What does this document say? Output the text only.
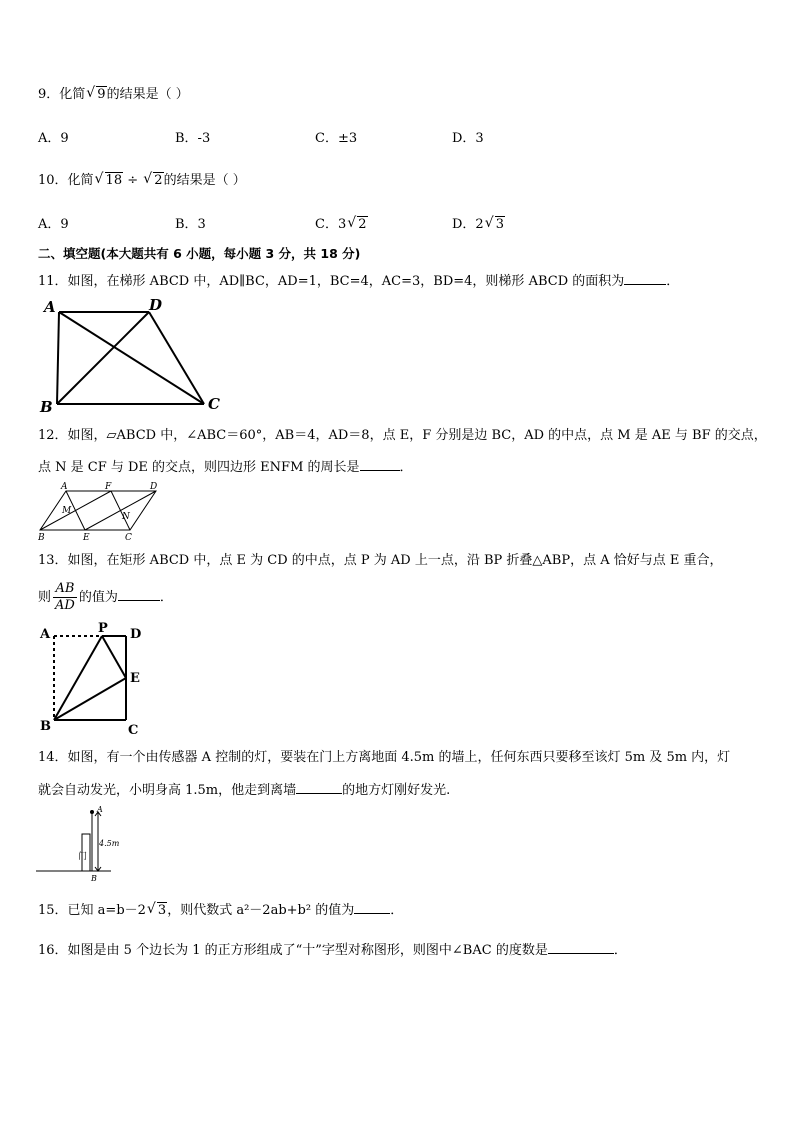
9．化简 √ 9的结果是（ ）
A．9	B．-3	C．±3	D．3
10．化简 √ 18 ÷ √ 2的结果是（ ）
A．9	B．3	C．3 √ 2	D．2 √ 3
二、填空题(本大题共有 6 小题，每小题 3 分，共 18 分)
11．如图，在梯形 ABCD 中，AD∥BC，AD=1，BC=4，AC=3，BD=4，则梯形 ABCD 的面积为	．
A	D
B	C
12．如图，▱ABCD 中，∠ABC＝60°，AB＝4，AD＝8，点 E，F 分别是边 BC，AD 的中点，点 M 是 AE 与 BF 的交点，
点 N 是 CF 与 DE 的交点，则四边形 ENFM 的周长是	．
A	F	D
M
N
B	E	C
13．如图，在矩形 ABCD 中，点 E 为 CD 的中点，点 P 为 AD 上一点，沿 BP 折叠△ABP，点 A 恰好与点 E 重合，
则 $\frac{AB}{AD}$ 的值为	．
A	P D
E
B	C
14．如图，有一个由传感器 A 控制的灯，要装在门上方离地面 4.5m 的墙上，任何东西只要移至该灯 5m 及 5m 内，灯
就会自动发光，小明身高 1.5m，他走到离墙	的地方灯刚好发光.
A
4.5m
B
门
15．已知 a=b－2 √ 3，则代数式 a²－2ab+b² 的值为	．
16．如图是由 5 个边长为 1 的正方形组成了“十”字型对称图形，则图中∠BAC 的度数是	．
